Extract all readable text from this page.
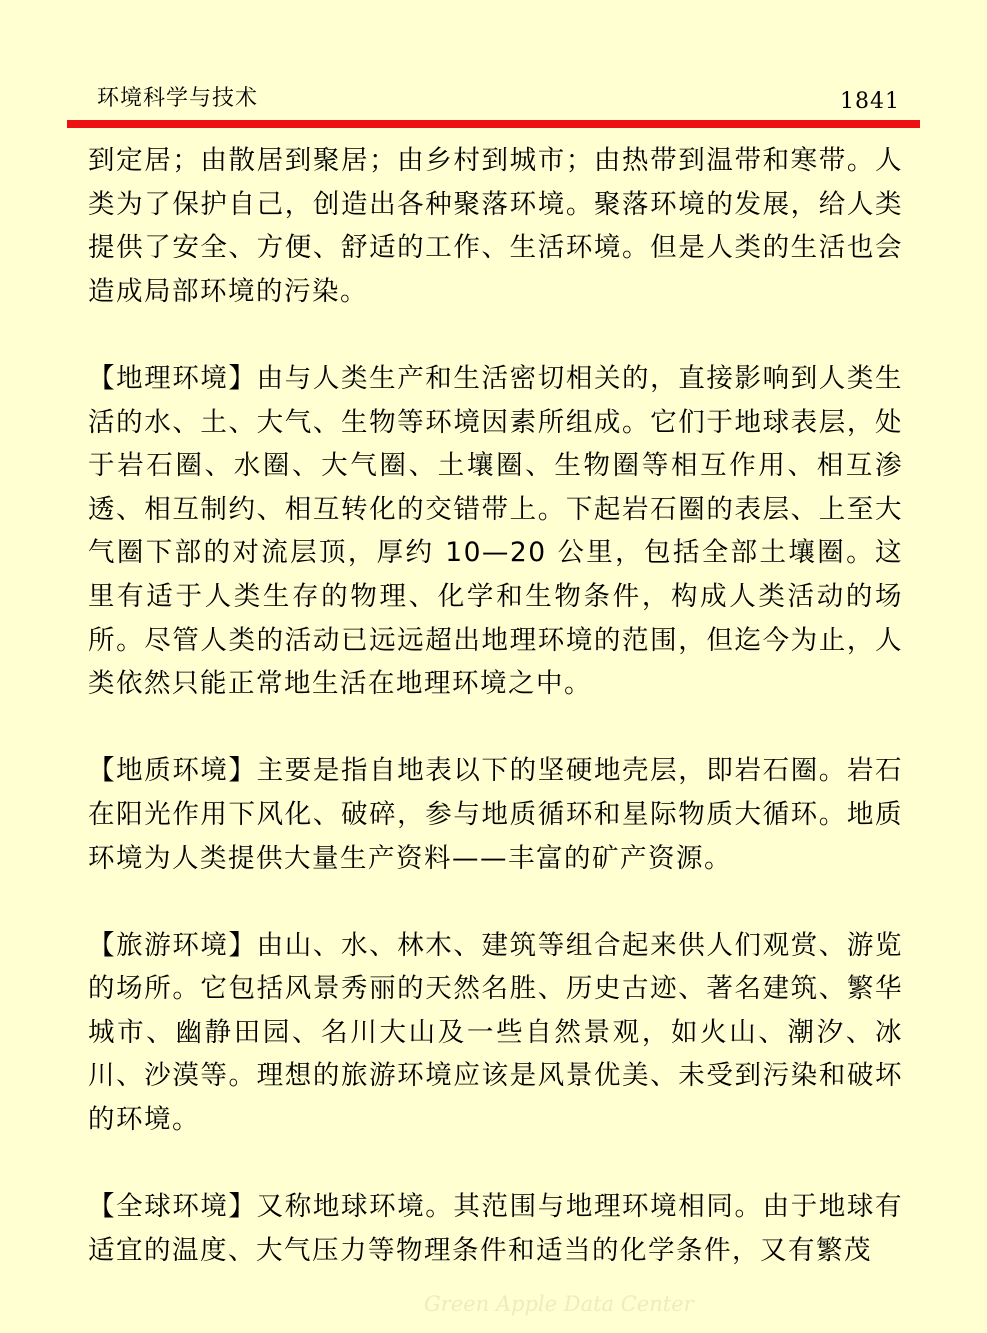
环境科学与技术	1841

到定居；由散居到聚居；由乡村到城市；由热带到温带和寒带。人类为了保护自己，创造出各种聚落环境。聚落环境的发展，给人类提供了安全、方便、舒适的工作、生活环境。但是人类的生活也会造成局部环境的污染。

【地理环境】由与人类生产和生活密切相关的，直接影响到人类生活的水、土、大气、生物等环境因素所组成。它们于地球表层，处于岩石圈、水圈、大气圈、土壤圈、生物圈等相互作用、相互渗透、相互制约、相互转化的交错带上。下起岩石圈的表层、上至大气圈下部的对流层顶，厚约 10—20 公里，包括全部土壤圈。这里有适于人类生存的物理、化学和生物条件，构成人类活动的场所。尽管人类的活动已远远超出地理环境的范围，但迄今为止，人类依然只能正常地生活在地理环境之中。

【地质环境】主要是指自地表以下的坚硬地壳层，即岩石圈。岩石在阳光作用下风化、破碎，参与地质循环和星际物质大循环。地质环境为人类提供大量生产资料——丰富的矿产资源。

【旅游环境】由山、水、林木、建筑等组合起来供人们观赏、游览的场所。它包括风景秀丽的天然名胜、历史古迹、著名建筑、繁华城市、幽静田园、名川大山及一些自然景观，如火山、潮汐、冰川、沙漠等。理想的旅游环境应该是风景优美、未受到污染和破坏的环境。

【全球环境】又称地球环境。其范围与地理环境相同。由于地球有适宜的温度、大气压力等物理条件和适当的化学条件，又有繁茂

Green Apple Data Center
